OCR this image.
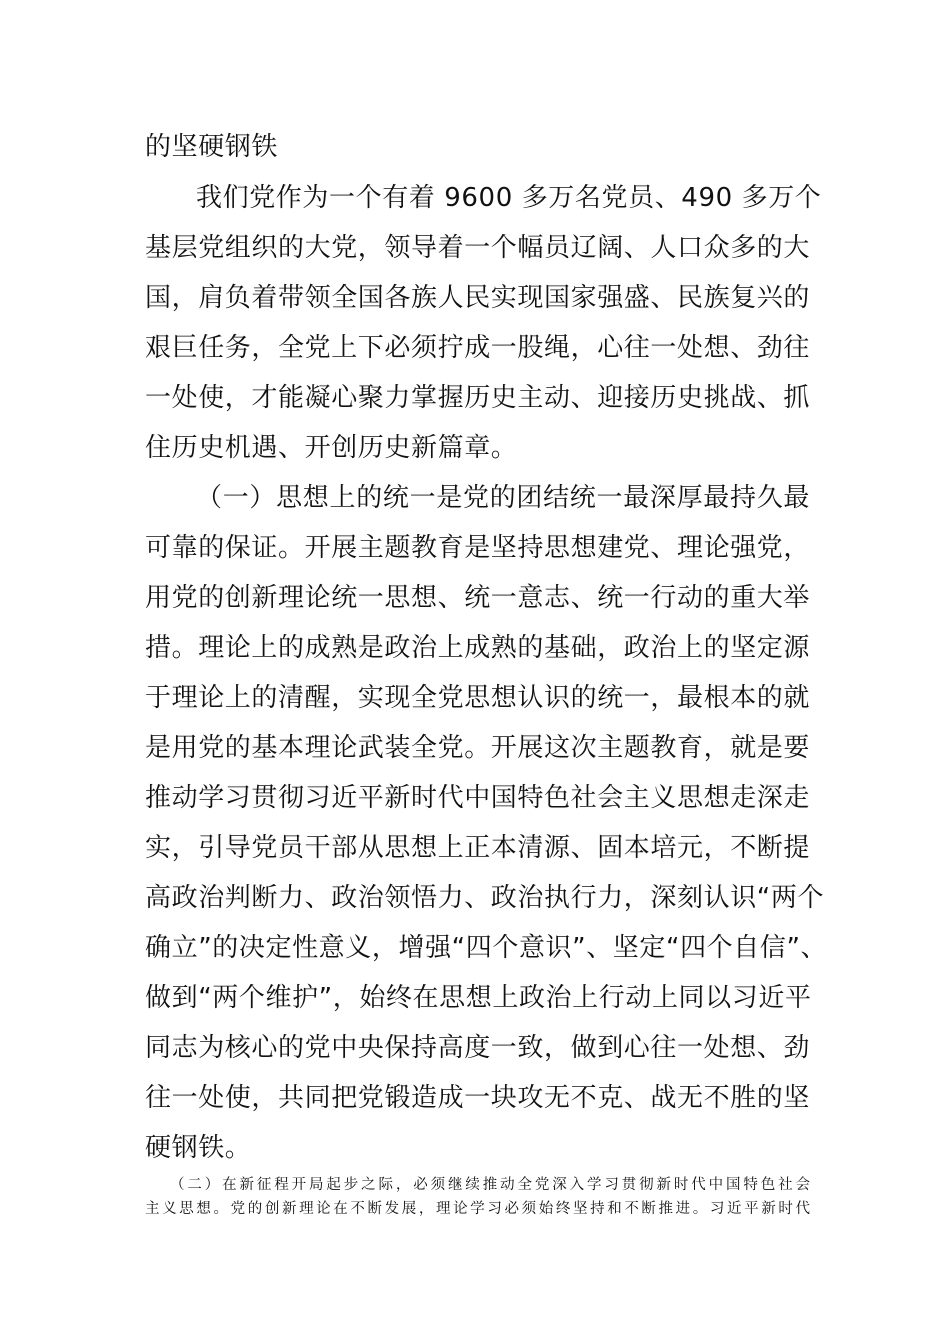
的坚硬钢铁
我们党作为一个有着 9600 多万名党员、490 多万个
基层党组织的大党，领导着一个幅员辽阔、人口众多的大
国，肩负着带领全国各族人民实现国家强盛、民族复兴的
艰巨任务，全党上下必须拧成一股绳，心往一处想、劲往
一处使，才能凝心聚力掌握历史主动、迎接历史挑战、抓
住历史机遇、开创历史新篇章。
（一）思想上的统一是党的团结统一最深厚最持久最
可靠的保证。开展主题教育是坚持思想建党、理论强党，
用党的创新理论统一思想、统一意志、统一行动的重大举
措。理论上的成熟是政治上成熟的基础，政治上的坚定源
于理论上的清醒，实现全党思想认识的统一，最根本的就
是用党的基本理论武装全党。开展这次主题教育，就是要
推动学习贯彻习近平新时代中国特色社会主义思想走深走
实，引导党员干部从思想上正本清源、固本培元，不断提
高政治判断力、政治领悟力、政治执行力，深刻认识“两个
确立”的决定性意义，增强“四个意识”、坚定“四个自信”、
做到“两个维护”，始终在思想上政治上行动上同以习近平
同志为核心的党中央保持高度一致，做到心往一处想、劲
往一处使，共同把党锻造成一块攻无不克、战无不胜的坚
硬钢铁。
（二）在新征程开局起步之际，必须继续推动全党深入学习贯彻新时代中国特色社会
主义思想。党的创新理论在不断发展，理论学习必须始终坚持和不断推进。习近平新时代
